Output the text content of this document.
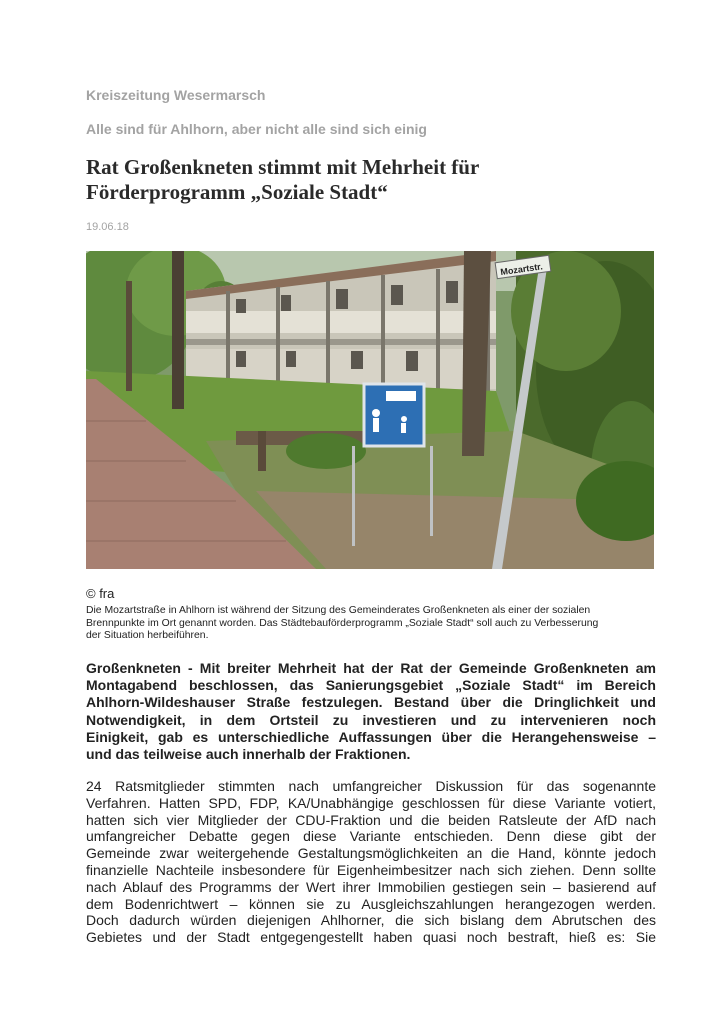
Kreiszeitung Wesermarsch
Alle sind für Ahlhorn, aber nicht alle sind sich einig
Rat Großenkneten stimmt mit Mehrheit für
Förderprogramm „Soziale Stadt“
19.06.18
Mozartstr.
© fra
Die Mozartstraße in Ahlhorn ist während der Sitzung des Gemeinderates Großenkneten als einer der sozialen
Brennpunkte im Ort genannt worden. Das Städtebauförderprogramm „Soziale Stadt“ soll auch zu Verbesserung
der Situation herbeiführen.
Großenkneten - Mit breiter Mehrheit hat der Rat der Gemeinde Großenkneten am
Montagabend beschlossen, das Sanierungsgebiet „Soziale Stadt“ im Bereich
Ahlhorn-Wildeshauser Straße festzulegen. Bestand über die Dringlichkeit und
Notwendigkeit, in dem Ortsteil zu investieren und zu intervenieren noch
Einigkeit, gab es unterschiedliche Auffassungen über die Herangehensweise –
und das teilweise auch innerhalb der Fraktionen.
24 Ratsmitglieder stimmten nach umfangreicher Diskussion für das sogenannte
Verfahren. Hatten SPD, FDP, KA/Unabhängige geschlossen für diese Variante votiert,
hatten sich vier Mitglieder der CDU-Fraktion und die beiden Ratsleute der AfD nach
umfangreicher Debatte gegen diese Variante entschieden. Denn diese gibt der
Gemeinde zwar weitergehende Gestaltungsmöglichkeiten an die Hand, könnte jedoch
finanzielle Nachteile insbesondere für Eigenheimbesitzer nach sich ziehen. Denn sollte
nach Ablauf des Programms der Wert ihrer Immobilien gestiegen sein – basierend auf
dem Bodenrichtwert – können sie zu Ausgleichszahlungen herangezogen werden.
Doch dadurch würden diejenigen Ahlhorner, die sich bislang dem Abrutschen des
Gebietes und der Stadt entgegengestellt haben quasi noch bestraft, hieß es: Sie
